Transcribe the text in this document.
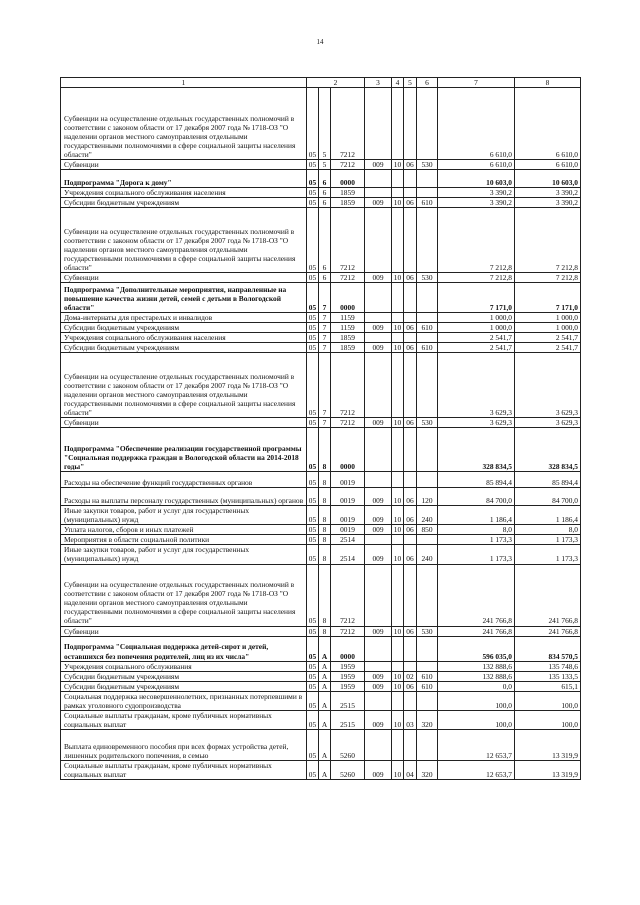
14
1	2			3	4	5	6	7	8
Субвенции на осуществление отдельных государственных полномочий в соответствии с законом области от 17 декабря 2007 года № 1718-ОЗ "О наделении органов местного самоуправления отдельными государственными полномочиями в сфере социальной защиты населения области"	05	5	7212					6 610,0	6 610,0
Субвенции	05	5	7212	009	10	06	530	6 610,0	6 610,0
Подпрограмма "Дорога к дому"	05	6	0000					10 603,0	10 603,0
Учреждения социального обслуживания населения	05	6	1859					3 390,2	3 390,2
Субсидии бюджетным учреждениям	05	6	1859	009	10	06	610	3 390,2	3 390,2
Субвенции на осуществление отдельных государственных полномочий в соответствии с законом области от 17 декабря 2007 года № 1718-ОЗ "О наделении органов местного самоуправления отдельными государственными полномочиями в сфере социальной защиты населения области"	05	6	7212					7 212,8	7 212,8
Субвенции	05	6	7212	009	10	06	530	7 212,8	7 212,8
Подпрограмма "Дополнительные мероприятия, направленные на повышение качества жизни детей, семей с детьми в Вологодской области"	05	7	0000					7 171,0	7 171,0
Дома-интернаты для престарелых и инвалидов	05	7	1159					1 000,0	1 000,0
Субсидии бюджетным учреждениям	05	7	1159	009	10	06	610	1 000,0	1 000,0
Учреждения социального обслуживания населения	05	7	1859					2 541,7	2 541,7
Субсидии бюджетным учреждениям	05	7	1859	009	10	06	610	2 541,7	2 541,7
Субвенции на осуществление отдельных государственных полномочий в соответствии с законом области от 17 декабря 2007 года № 1718-ОЗ "О наделении органов местного самоуправления отдельными государственными полномочиями в сфере социальной защиты населения области"	05	7	7212					3 629,3	3 629,3
Субвенции	05	7	7212	009	10	06	530	3 629,3	3 629,3
Подпрограмма "Обеспечение реализации государственной программы "Социальная поддержка граждан в Вологодской области на 2014-2018 годы"	05	8	0000					328 834,5	328 834,5
Расходы на обеспечение функций государственных органов	05	8	0019					85 894,4	85 894,4
Расходы на выплаты персоналу государственных (муниципальных) органов	05	8	0019	009	10	06	120	84 700,0	84 700,0
Иные закупки товаров, работ и услуг для государственных (муниципальных) нужд	05	8	0019	009	10	06	240	1 186,4	1 186,4
Уплата налогов, сборов и иных платежей	05	8	0019	009	10	06	850	8,0	8,0
Мероприятия в области социальной политики	05	8	2514					1 173,3	1 173,3
Иные закупки товаров, работ и услуг для государственных (муниципальных) нужд	05	8	2514	009	10	06	240	1 173,3	1 173,3
Субвенции на осуществление отдельных государственных полномочий в соответствии с законом области от 17 декабря 2007 года № 1718-ОЗ "О наделении органов местного самоуправления отдельными государственными полномочиями в сфере социальной защиты населения области"	05	8	7212					241 766,8	241 766,8
Субвенции	05	8	7212	009	10	06	530	241 766,8	241 766,8
Подпрограмма "Социальная поддержка детей-сирот и детей, оставшихся без попечения родителей, лиц из их числа"	05	А	0000					596 035,0	834 570,5
Учреждения социального обслуживания	05	А	1959					132 888,6	135 748,6
Субсидии бюджетным учреждениям	05	А	1959	009	10	02	610	132 888,6	135 133,5
Субсидии бюджетным учреждениям	05	А	1959	009	10	06	610	0,0	615,1
Социальная поддержка несовершеннолетних, признанных потерпевшими в рамках уголовного судопроизводства	05	А	2515					100,0	100,0
Социальные выплаты гражданам, кроме публичных нормативных социальных выплат	05	А	2515	009	10	03	320	100,0	100,0
Выплата единовременного пособия при всех формах устройства детей, лишенных родительского попечения, в семью	05	А	5260					12 653,7	13 319,9
Социальные выплаты гражданам, кроме публичных нормативных социальных выплат	05	А	5260	009	10	04	320	12 653,7	13 319,9
